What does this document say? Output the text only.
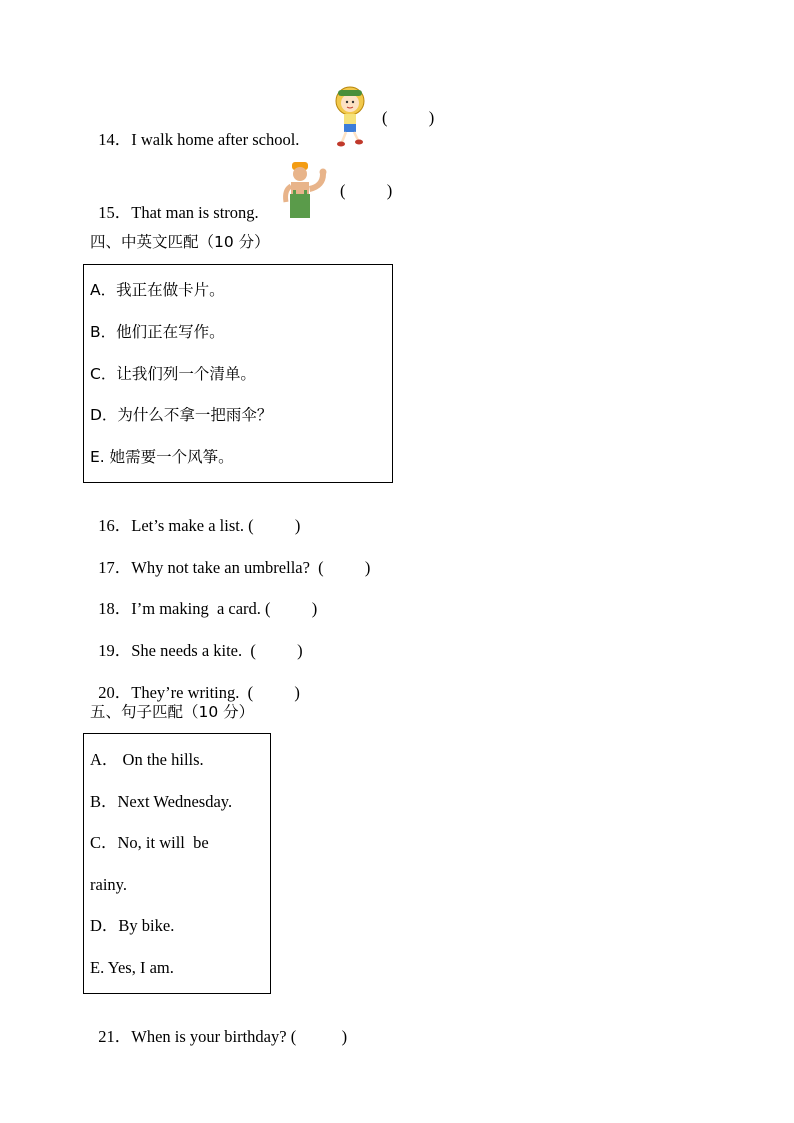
14．I walk home after school.

(          )

15．That man is strong.

(          )
四、中英文匹配（10 分）
A．我正在做卡片。
B．他们正在写作。
C．让我们列一个清单。
D．为什么不拿一把雨伞？
E. 她需要一个风筝。

16．Let’s make a list. (          )

17．Why not take an umbrella?  (          )

18．I’m making  a card. (          )

19．She needs a kite.  (          )

20．They’re writing.  (          )

五、句子匹配（10 分）
A． On the hills.
B．Next Wednesday.
C．No, it will  be
rainy.
D．By bike.
E. Yes, I am.

21．When is your birthday? (           )
